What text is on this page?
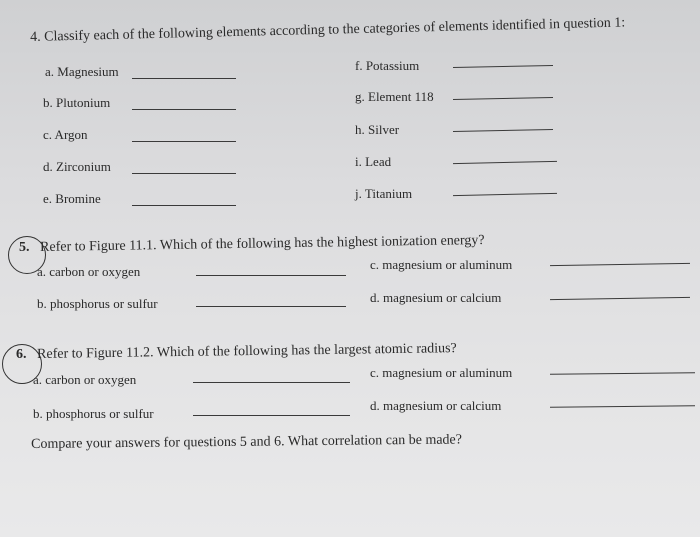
4. Classify each of the following elements according to the categories of elements identified in question 1:
a. Magnesium
b. Plutonium
c. Argon
d. Zirconium
e. Bromine
f. Potassium
g. Element 118
h. Silver
i. Lead
j. Titanium
5. Refer to Figure 11.1. Which of the following has the highest ionization energy?
a. carbon or oxygen
b. phosphorus or sulfur
c. magnesium or aluminum
d. magnesium or calcium
6. Refer to Figure 11.2. Which of the following has the largest atomic radius?
a. carbon or oxygen
b. phosphorus or sulfur
c. magnesium or aluminum
d. magnesium or calcium
Compare your answers for questions 5 and 6. What correlation can be made?
